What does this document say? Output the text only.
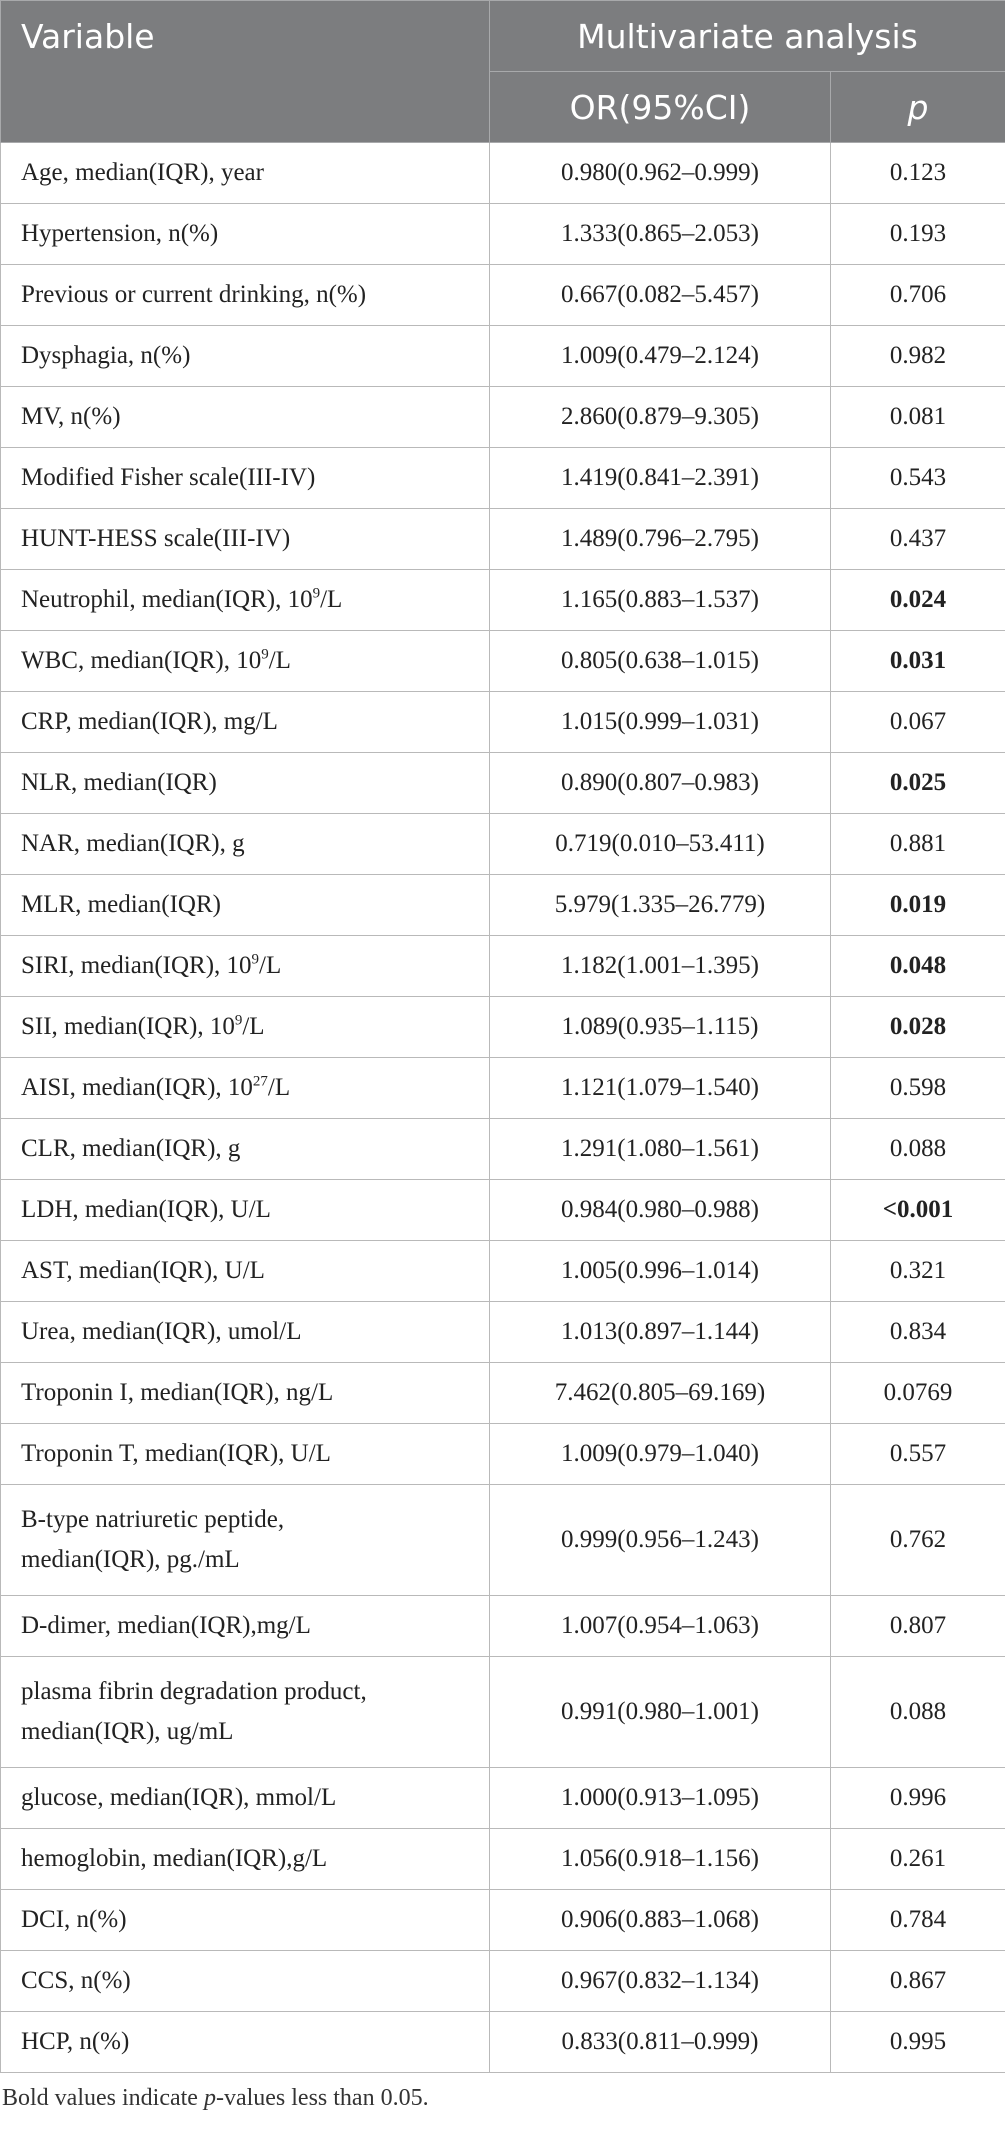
Variable	Multivariate analysis	
	OR(95%CI)	p
Age, median(IQR), year	0.980(0.962–0.999)	0.123
Hypertension, n(%)	1.333(0.865–2.053)	0.193
Previous or current drinking, n(%)	0.667(0.082–5.457)	0.706
Dysphagia, n(%)	1.009(0.479–2.124)	0.982
MV, n(%)	2.860(0.879–9.305)	0.081
Modified Fisher scale(III-IV)	1.419(0.841–2.391)	0.543
HUNT-HESS scale(III-IV)	1.489(0.796–2.795)	0.437
Neutrophil, median(IQR), $10^9/L$	1.165(0.883–1.537)	0.024
WBC, median(IQR), $10^9/L$	0.805(0.638–1.015)	0.031
CRP, median(IQR), mg/L	1.015(0.999–1.031)	0.067
NLR, median(IQR)	0.890(0.807–0.983)	0.025
NAR, median(IQR), g	0.719(0.010–53.411)	0.881
MLR, median(IQR)	5.979(1.335–26.779)	0.019
SIRI, median(IQR), $10^9/L$	1.182(1.001–1.395)	0.048
SII, median(IQR), $10^9/L$	1.089(0.935–1.115)	0.028
AISI, median(IQR), $10^{27}/L$	1.121(1.079–1.540)	0.598
CLR, median(IQR), g	1.291(1.080–1.561)	0.088
LDH, median(IQR), U/L	0.984(0.980–0.988)	<0.001
AST, median(IQR), U/L	1.005(0.996–1.014)	0.321
Urea, median(IQR), umol/L	1.013(0.897–1.144)	0.834
Troponin I, median(IQR), ng/L	7.462(0.805–69.169)	0.0769
Troponin T, median(IQR), U/L	1.009(0.979–1.040)	0.557
B-type natriuretic peptide,
median(IQR), pg./mL	0.999(0.956–1.243)	0.762
D-dimer, median(IQR),mg/L	1.007(0.954–1.063)	0.807
plasma fibrin degradation product,
median(IQR), ug/mL	0.991(0.980–1.001)	0.088
glucose, median(IQR), mmol/L	1.000(0.913–1.095)	0.996
hemoglobin, median(IQR),g/L	1.056(0.918–1.156)	0.261
DCI, n(%)	0.906(0.883–1.068)	0.784
CCS, n(%)	0.967(0.832–1.134)	0.867
HCP, n(%)	0.833(0.811–0.999)	0.995
Bold values indicate p-values less than 0.05.
